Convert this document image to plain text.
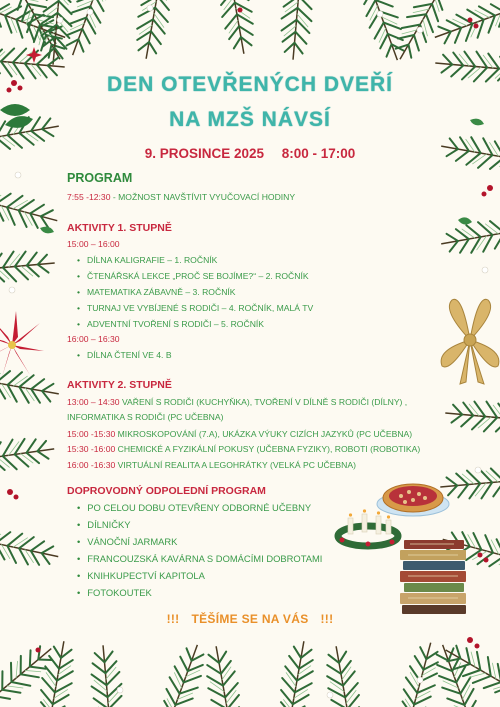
DEN OTEVŘENÝCH DVEŘÍ
NA MZŠ NÁVSÍ
9. PROSINCE 2025 8:00 - 17:00
PROGRAM
7:55 -12:30 - MOŽNOST NAVŠTÍVIT VYUČOVACÍ HODINY
AKTIVITY 1. STUPNĚ
15:00 – 16:00
• DÍLNA KALIGRAFIE – 1. ROČNÍK
• ČTENÁŘSKÁ LEKCE „PROČ SE BOJÍME?“ – 2. ROČNÍK
• MATEMATIKA ZÁBAVNĚ – 3. ROČNÍK
• TURNAJ VE VYBÍJENÉ S RODIČI – 4. ROČNÍK, MALÁ TV
• ADVENTNÍ TVOŘENÍ S RODIČI – 5. ROČNÍK
16:00 – 16:30
• DÍLNA ČTENÍ VE 4. B
AKTIVITY 2. STUPNĚ
13:00 – 14:30 VAŘENÍ S RODIČI (KUCHYŇKA), TVOŘENÍ V DÍLNĚ S RODIČI (DÍLNY) ,
INFORMATIKA S RODIČI (PC UČEBNA)
15:00 -15:30 MIKROSKOPOVÁNÍ (7.A), UKÁZKA VÝUKY CIZÍCH JAZYKŮ (PC UČEBNA)
15:30 -16:00 CHEMICKÉ A FYZIKÁLNÍ POKUSY (UČEBNA FYZIKY), ROBOTI (ROBOTIKA)
16:00 -16:30 VIRTUÁLNÍ REALITA A LEGOHRÁTKY (VELKÁ PC UČEBNA)
DOPROVODNÝ ODPOLEDNÍ PROGRAM
• PO CELOU DOBU OTEVŘENY ODBORNÉ UČEBNY
• DÍLNIČKY
• VÁNOČNÍ JARMARK
• FRANCOUZSKÁ KAVÁRNA S DOMÁCÍMI DOBROTAMI
• KNIHKUPECTVÍ KAPITOLA
• FOTOKOUTEK
!!! TĚŠÍME SE NA VÁS !!!
